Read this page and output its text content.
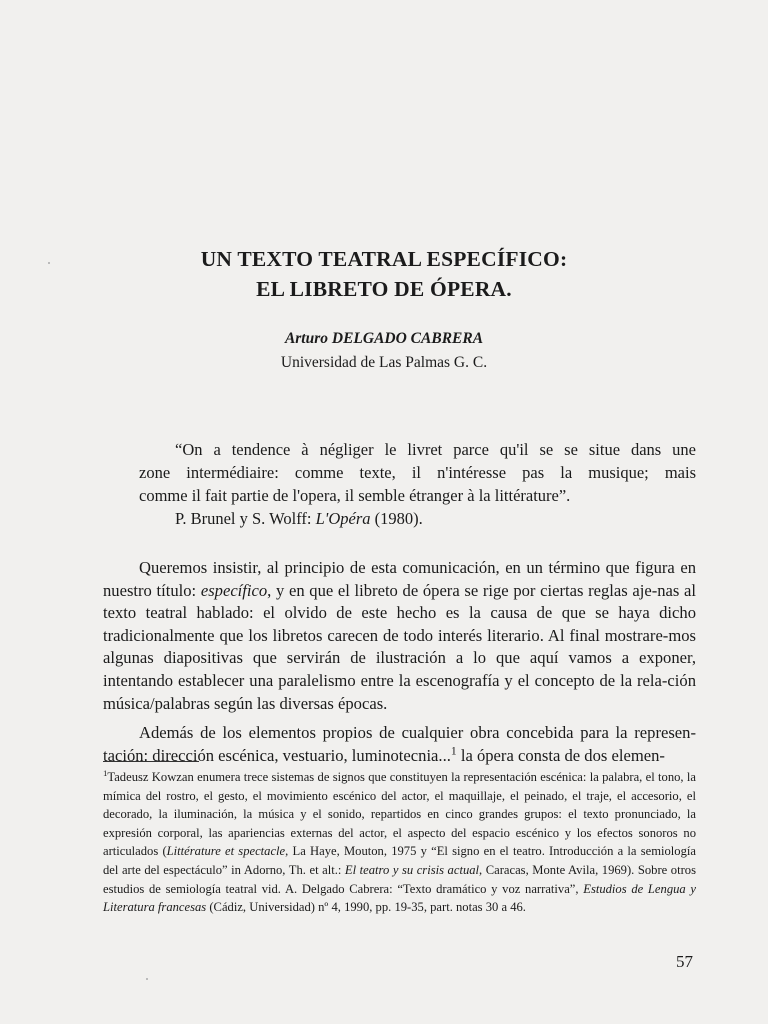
UN TEXTO TEATRAL ESPECÍFICO:
EL LIBRETO DE ÓPERA.
Arturo DELGADO CABRERA
Universidad de Las Palmas G. C.

“On a tendence à négliger le livret parce qu'il se se situe dans une

zone intermédiaire: comme texte, il n'intéresse pas la musique; mais

comme il fait partie de l'opera, il semble étranger à la littérature”.

P. Brunel y S. Wolff: L'Opéra (1980).

Queremos insistir, al principio de esta comunicación, en un término que figura en nuestro título: específico, y en que el libreto de ópera se rige por ciertas reglas aje-nas al texto teatral hablado: el olvido de este hecho es la causa de que se haya dicho tradicionalmente que los libretos carecen de todo interés literario. Al final mostrare-mos algunas diapositivas que servirán de ilustración a lo que aquí vamos a exponer, intentando establecer una paralelismo entre la escenografía y el concepto de la rela-ción música/palabras según las diversas épocas.

Además de los elementos propios de cualquier obra concebida para la represen-tación: dirección escénica, vestuario, luminotecnia...$^1$ la ópera consta de dos elemen-

$^1$Tadeusz Kowzan enumera trece sistemas de signos que constituyen la representación escénica: la palabra, el tono, la mímica del rostro, el gesto, el movimiento escénico del actor, el maquillaje, el peinado, el traje, el accesorio, el decorado, la iluminación, la música y el sonido, repartidos en cinco grandes grupos: el texto pronunciado, la expresión corporal, las apariencias externas del actor, el aspecto del espacio escénico y los efectos sonoros no articulados (Littérature et spectacle, La Haye, Mouton, 1975 y “El signo en el teatro. Introducción a la semiología del arte del espectáculo” in Adorno, Th. et alt.: El teatro y su crisis actual, Caracas, Monte Avila, 1969). Sobre otros estudios de semiología teatral vid. A. Delgado Cabrera: “Texto dramático y voz narrativa”, Estudios de Lengua y Literatura francesas (Cádiz, Universidad) nº 4, 1990, pp. 19-35, part. notas 30 a 46.

57
